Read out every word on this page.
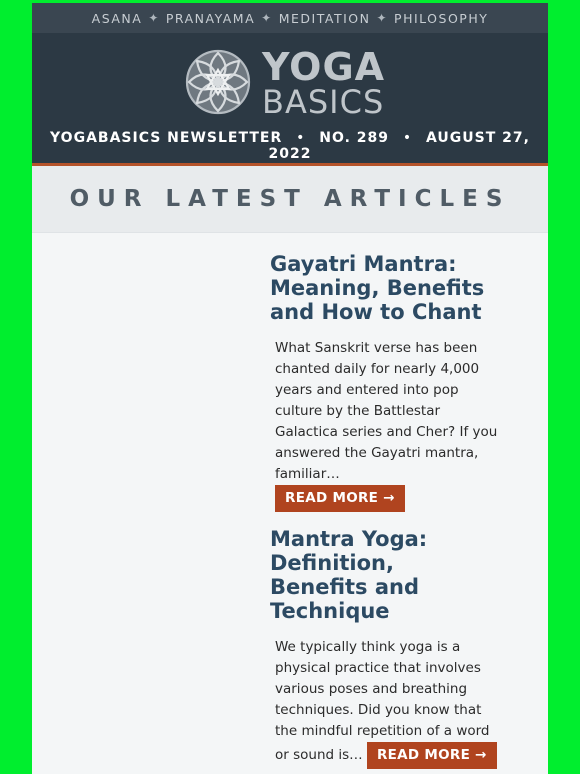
ASANA ✦ PRANAYAMA ✦ MEDITATION ✦ PHILOSOPHY
YOGA
BASICS
YOGABASICS NEWSLETTER • NO. 289 • AUGUST 27, 2022
OUR LATEST ARTICLES
Gayatri Mantra: Meaning, Benefits and How to Chant
What Sanskrit verse has been chanted daily for nearly 4,000 years and entered into pop culture by the Battlestar Galactica series and Cher? If you answered the Gayatri mantra, familiar…
READ MORE →
Mantra Yoga: Definition, Benefits and Technique
We typically think yoga is a physical practice that involves various poses and breathing techniques. Did you know that the mindful repetition of a word or sound is… READ MORE →
